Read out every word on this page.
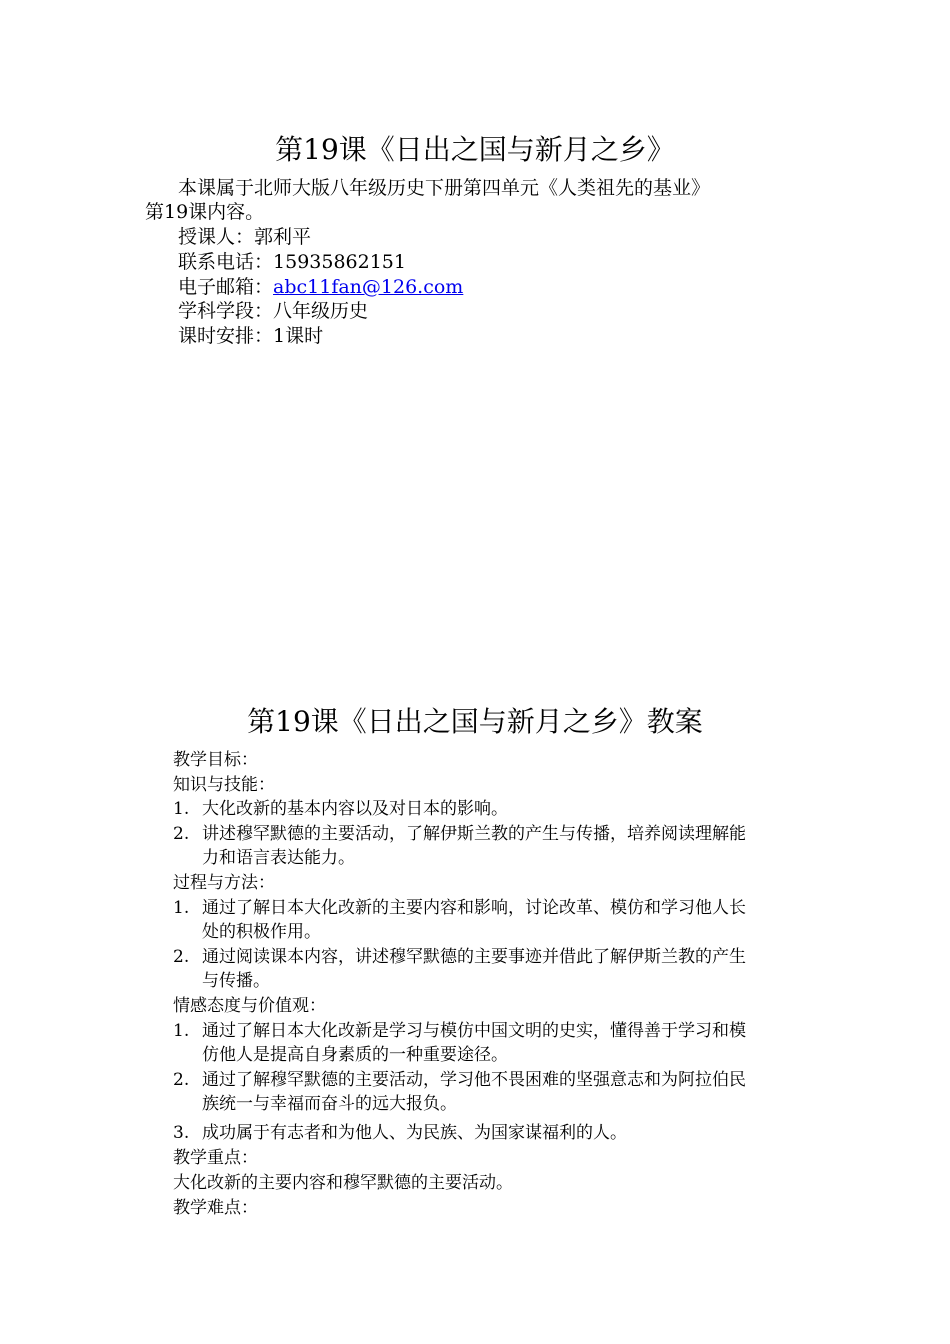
第19课《日出之国与新月之乡》
本课属于北师大版八年级历史下册第四单元《人类祖先的基业》
第19课内容。
授课人：郭利平
联系电话：15935862151
电子邮箱：abc11fan@126.com
学科学段：八年级历史
课时安排：1课时
第19课《日出之国与新月之乡》教案
教学目标：
知识与技能：
1. 大化改新的基本内容以及对日本的影响。
2. 讲述穆罕默德的主要活动，了解伊斯兰教的产生与传播，培养阅读理解能
力和语言表达能力。
过程与方法：
1. 通过了解日本大化改新的主要内容和影响，讨论改革、模仿和学习他人长
处的积极作用。
2. 通过阅读课本内容，讲述穆罕默德的主要事迹并借此了解伊斯兰教的产生
与传播。
情感态度与价值观：
1. 通过了解日本大化改新是学习与模仿中国文明的史实，懂得善于学习和模
仿他人是提高自身素质的一种重要途径。
2. 通过了解穆罕默德的主要活动，学习他不畏困难的坚强意志和为阿拉伯民
族统一与幸福而奋斗的远大报负。
3. 成功属于有志者和为他人、为民族、为国家谋福利的人。
教学重点：
大化改新的主要内容和穆罕默德的主要活动。
教学难点：
